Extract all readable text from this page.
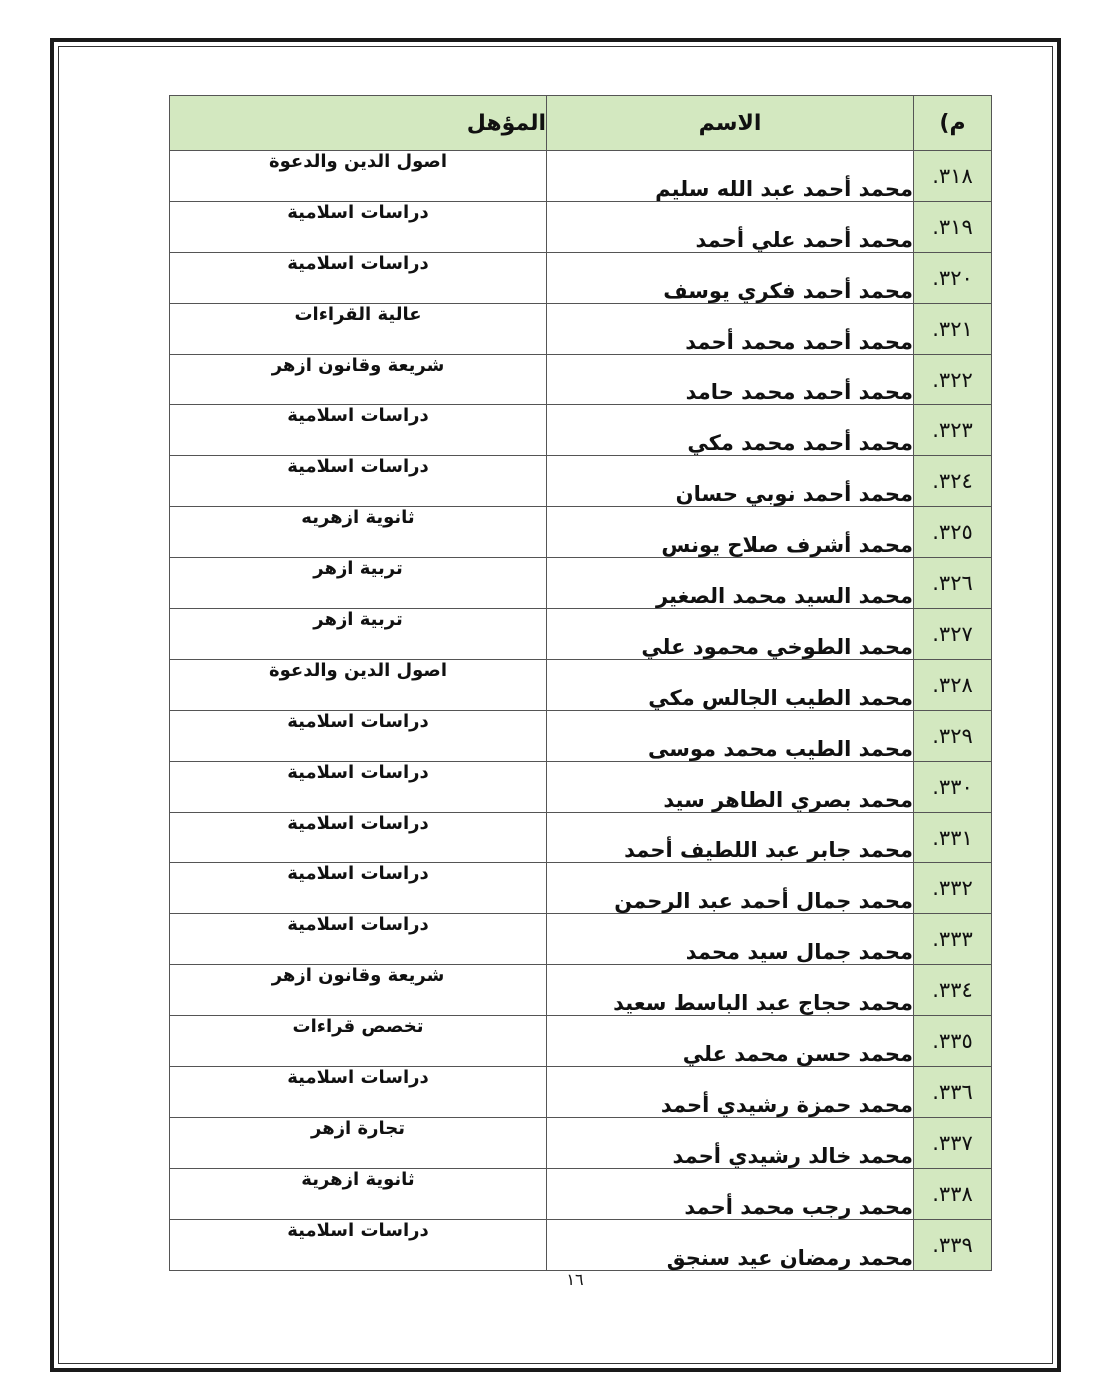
م)	الاسم	المؤهل
٣١٨.	محمد أحمد عبد الله سليم	اصول الدين والدعوة
٣١٩.	محمد أحمد علي أحمد	دراسات اسلامية
٣٢٠.	محمد أحمد فكري يوسف	دراسات اسلامية
٣٢١.	محمد أحمد محمد أحمد	عالية القراءات
٣٢٢.	محمد أحمد محمد حامد	شريعة وقانون ازهر
٣٢٣.	محمد أحمد محمد مكي	دراسات اسلامية
٣٢٤.	محمد أحمد نوبي حسان	دراسات اسلامية
٣٢٥.	محمد أشرف صلاح يونس	ثانوية ازهريه
٣٢٦.	محمد السيد محمد الصغير	تربية ازهر
٣٢٧.	محمد الطوخي محمود علي	تربية ازهر
٣٢٨.	محمد الطيب الجالس مكي	اصول الدين والدعوة
٣٢٩.	محمد الطيب محمد موسى	دراسات اسلامية
٣٣٠.	محمد بصري الطاهر سيد	دراسات اسلامية
٣٣١.	محمد جابر عبد اللطيف أحمد	دراسات اسلامية
٣٣٢.	محمد جمال أحمد عبد الرحمن	دراسات اسلامية
٣٣٣.	محمد جمال سيد محمد	دراسات اسلامية
٣٣٤.	محمد حجاج عبد الباسط سعيد	شريعة وقانون ازهر
٣٣٥.	محمد حسن محمد علي	تخصص قراءات
٣٣٦.	محمد حمزة رشيدي أحمد	دراسات اسلامية
٣٣٧.	محمد خالد رشيدي أحمد	تجارة ازهر
٣٣٨.	محمد رجب محمد أحمد	ثانوية ازهرية
٣٣٩.	محمد رمضان عيد سنجق	دراسات اسلامية
١٦
